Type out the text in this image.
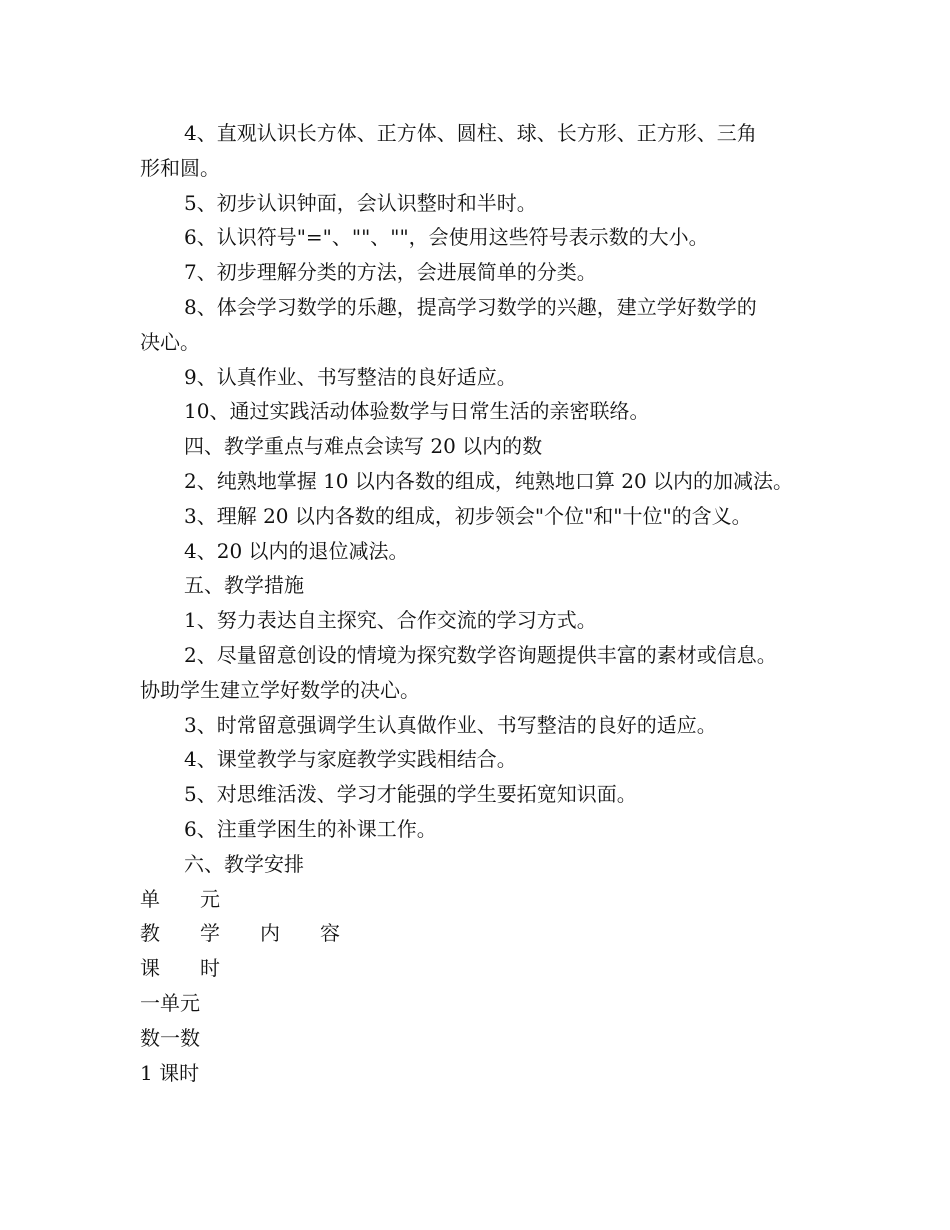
4、直观认识长方体、正方体、圆柱、球、长方形、正方形、三角
形和圆。
5、初步认识钟面，会认识整时和半时。
6、认识符号"="、""、""，会使用这些符号表示数的大小。
7、初步理解分类的方法，会进展简单的分类。
8、体会学习数学的乐趣，提高学习数学的兴趣，建立学好数学的
决心。
9、认真作业、书写整洁的良好适应。
10、通过实践活动体验数学与日常生活的亲密联络。
四、教学重点与难点会读写 20 以内的数
2、纯熟地掌握 10 以内各数的组成，纯熟地口算 20 以内的加减法。
3、理解 20 以内各数的组成，初步领会"个位"和"十位"的含义。
4、20 以内的退位减法。
五、教学措施
1、努力表达自主探究、合作交流的学习方式。
2、尽量留意创设的情境为探究数学咨询题提供丰富的素材或信息。
协助学生建立学好数学的决心。
3、时常留意强调学生认真做作业、书写整洁的良好的适应。
4、课堂教学与家庭教学实践相结合。
5、对思维活泼、学习才能强的学生要拓宽知识面。
6、注重学困生的补课工作。
六、教学安排
单　　元
教　　学　　内　　容
课　　时
一单元
数一数
1 课时
